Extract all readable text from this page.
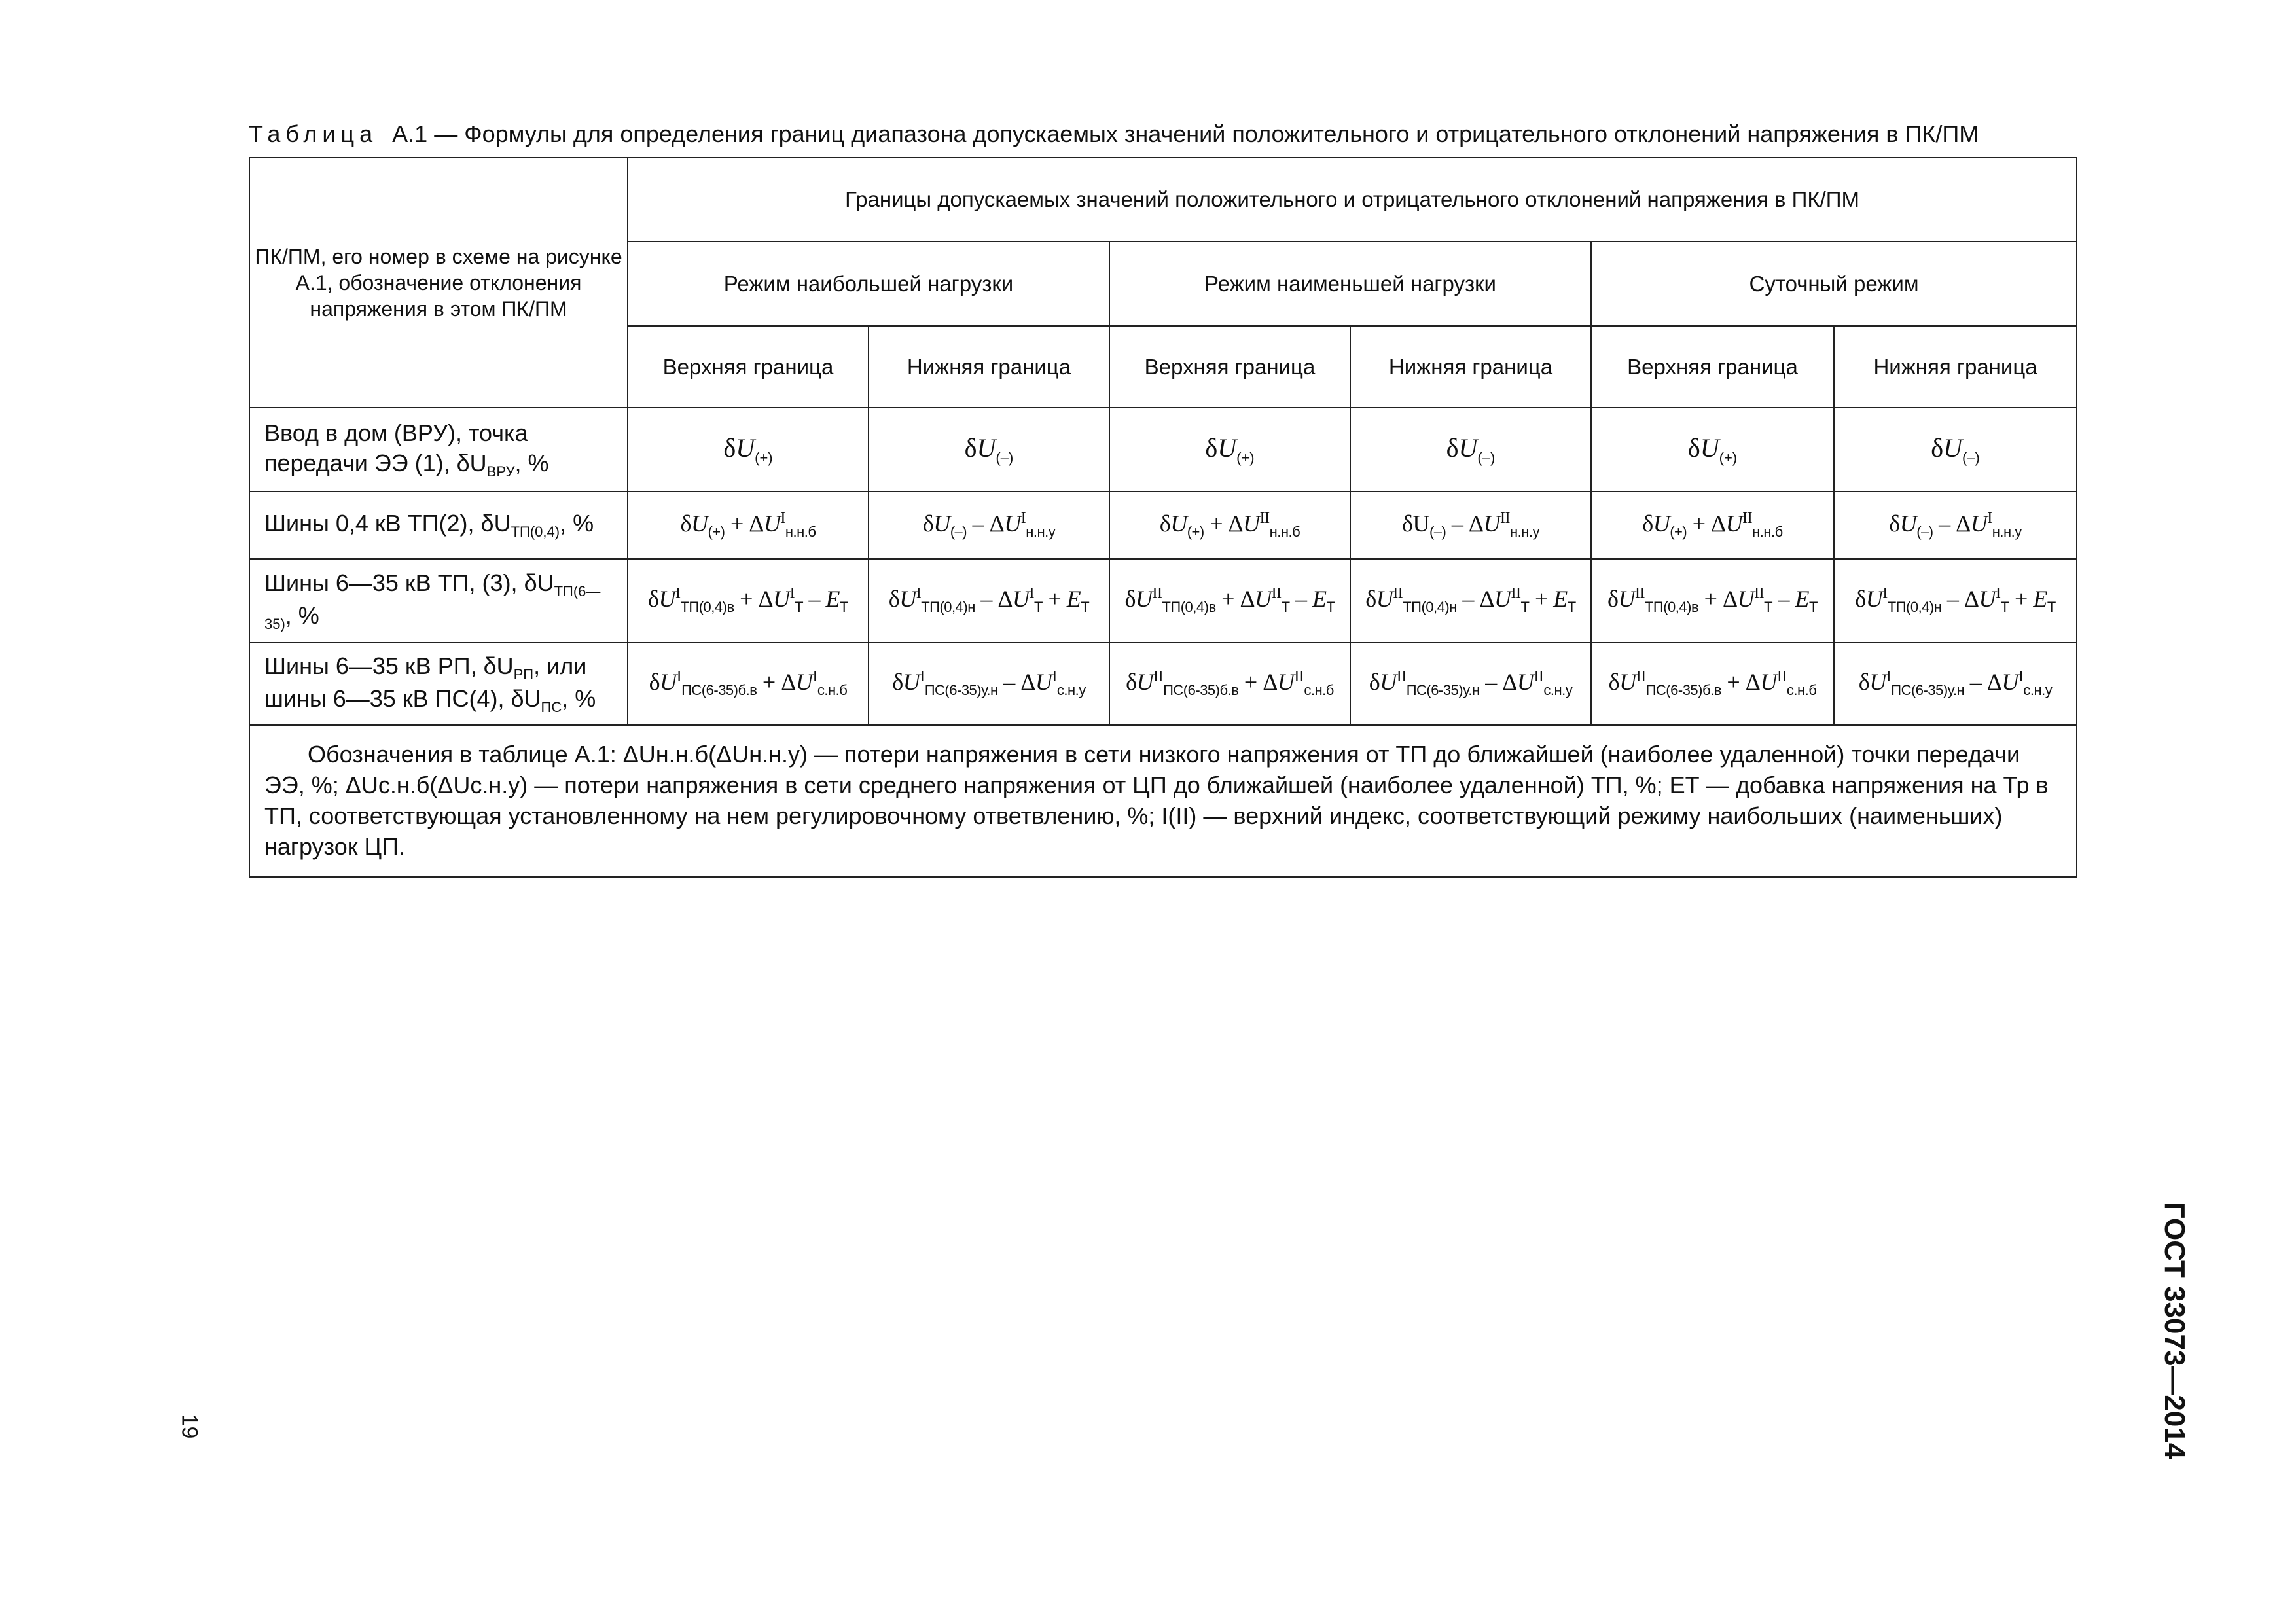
Таблица А.1 — Формулы для определения границ диапазона допускаемых значений положительного и отрицательного отклонений напряжения в ПК/ПМ
ПК/ПМ, его номер в схеме на рисунке А.1, обозначение отклонения напряжения в этом ПК/ПМ	Границы допускаемых значений положительного и отрицательного отклонений напряжения в ПК/ПМ					
	Режим наибольшей нагрузки		Режим наименьшей нагрузки		Суточный режим	
	Верхняя граница	Нижняя граница	Верхняя граница	Нижняя граница	Верхняя граница	Нижняя граница
Ввод в дом (ВРУ), точка передачи ЭЭ (1), $\delta U_{ВРУ}$, %	$\delta U_{(+)}$	$\delta U_{(-)}$	$\delta U_{(+)}$	$\delta U_{(-)}$	$\delta U_{(+)}$	$\delta U_{(-)}$
Шины 0,4 кВ ТП(2), $\delta U_{ТП(0,4)}$, %	$\delta U_{(+)} + \Delta U^I_{н.н.б}$	$\delta U_{(-)} - \Delta U^I_{н.н.у}$	$\delta U_{(+)} + \Delta U^{II}_{н.н.б}$	$\delta U_{(-)} - \Delta U^{II}_{н.н.у}$	$\delta U_{(+)} + \Delta U^{II}_{н.н.б}$	$\delta U_{(-)} - \Delta U^I_{н.н.у}$
Шины 6—35 кВ ТП, (3), $\delta U_{ТП(6—35)}$, %	$\delta U^I_{ТП(0,4)в} + \Delta U^I_Т - E_Т$	$\delta U^I_{ТП(0,4)н} - \Delta U^I_Т + E_Т$	$\delta U^{II}_{ТП(0,4)в} + \Delta U^{II}_Т - E_Т$	$\delta U^{II}_{ТП(0,4)н} - \Delta U^{II}_Т + E_Т$	$\delta U^{II}_{ТП(0,4)в} + \Delta U^{II}_Т - E_Т$	$\delta U^I_{ТП(0,4)н} - \Delta U^I_Т + E_Т$
Шины 6—35 кВ РП, $\delta U_{РП}$, или шины 6—35 кВ ПС(4), $\delta U_{ПС}$, %	$\delta U^I_{ПС(6-35)б.в} + \Delta U^I_{с.н.б}$	$\delta U^I_{ПС(6-35)у.н} - \Delta U^I_{с.н.у}$	$\delta U^{II}_{ПС(6-35)б.в} + \Delta U^{II}_{с.н.б}$	$\delta U^{II}_{ПС(6-35)у.н} - \Delta U^{II}_{с.н.у}$	$\delta U^{II}_{ПС(6-35)б.в} + \Delta U^{II}_{с.н.б}$	$\delta U^I_{ПС(6-35)у.н} - \Delta U^I_{с.н.у}$
Обозначения в таблице А.1: ΔUн.н.б(ΔUн.н.у) — потери напряжения в сети низкого напряжения от ТП до ближайшей (наиболее удаленной) точки передачи ЭЭ, %; ΔUс.н.б(ΔUс.н.у) — потери напряжения в сети среднего напряжения от ЦП до ближайшей (наиболее удаленной) ТП, %; ET — добавка напряжения на Тр в ТП, соответствующая установленному на нем регулировочному ответвлению, %; I(II) — верхний индекс, соответствующий режиму наибольших (наименьших) нагрузок ЦП.						
19	ГОСТ 33073—2014
